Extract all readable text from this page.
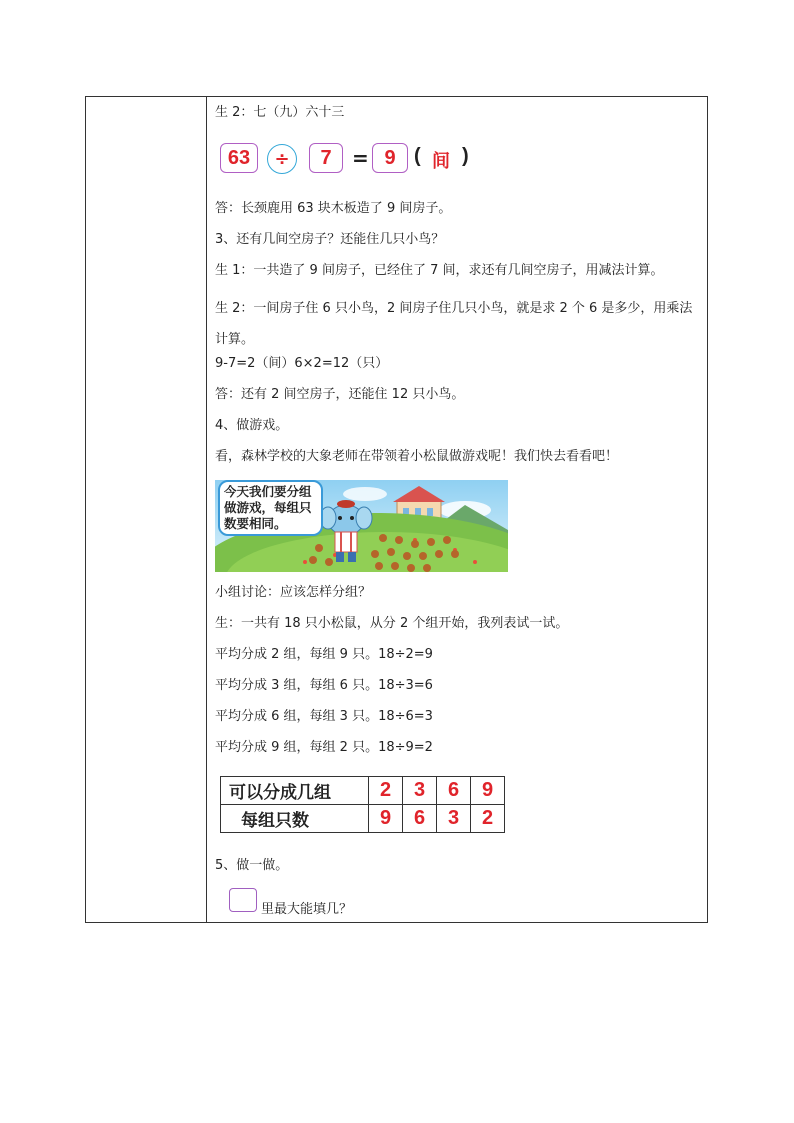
生 2：七（九）六十三
63	÷	7	= 9 ( 间 )
答：长颈鹿用 63 块木板造了 9 间房子。
3、还有几间空房子？还能住几只小鸟？
生 1：一共造了 9 间房子，已经住了 7 间，求还有几间空房子，用减法计算。
生 2：一间房子住 6 只小鸟，2 间房子住几只小鸟，就是求 2 个 6 是多少，用乘法计算。
9-7=2（间）6×2=12（只）
答：还有 2 间空房子，还能住 12 只小鸟。
4、做游戏。
看，森林学校的大象老师在带领着小松鼠做游戏呢！我们快去看看吧！
今天我们要分组做游戏，每组只数要相同。
小组讨论：应该怎样分组？
生：一共有 18 只小松鼠，从分 2 个组开始，我列表试一试。
平均分成 2 组，每组 9 只。18÷2=9
平均分成 3 组，每组 6 只。18÷3=6
平均分成 6 组，每组 3 只。18÷6=3
平均分成 9 组，每组 2 只。18÷9=2
可以分成几组	2	3	6	9
每组只数	9	6	3	2
5、做一做。
里最大能填几？
